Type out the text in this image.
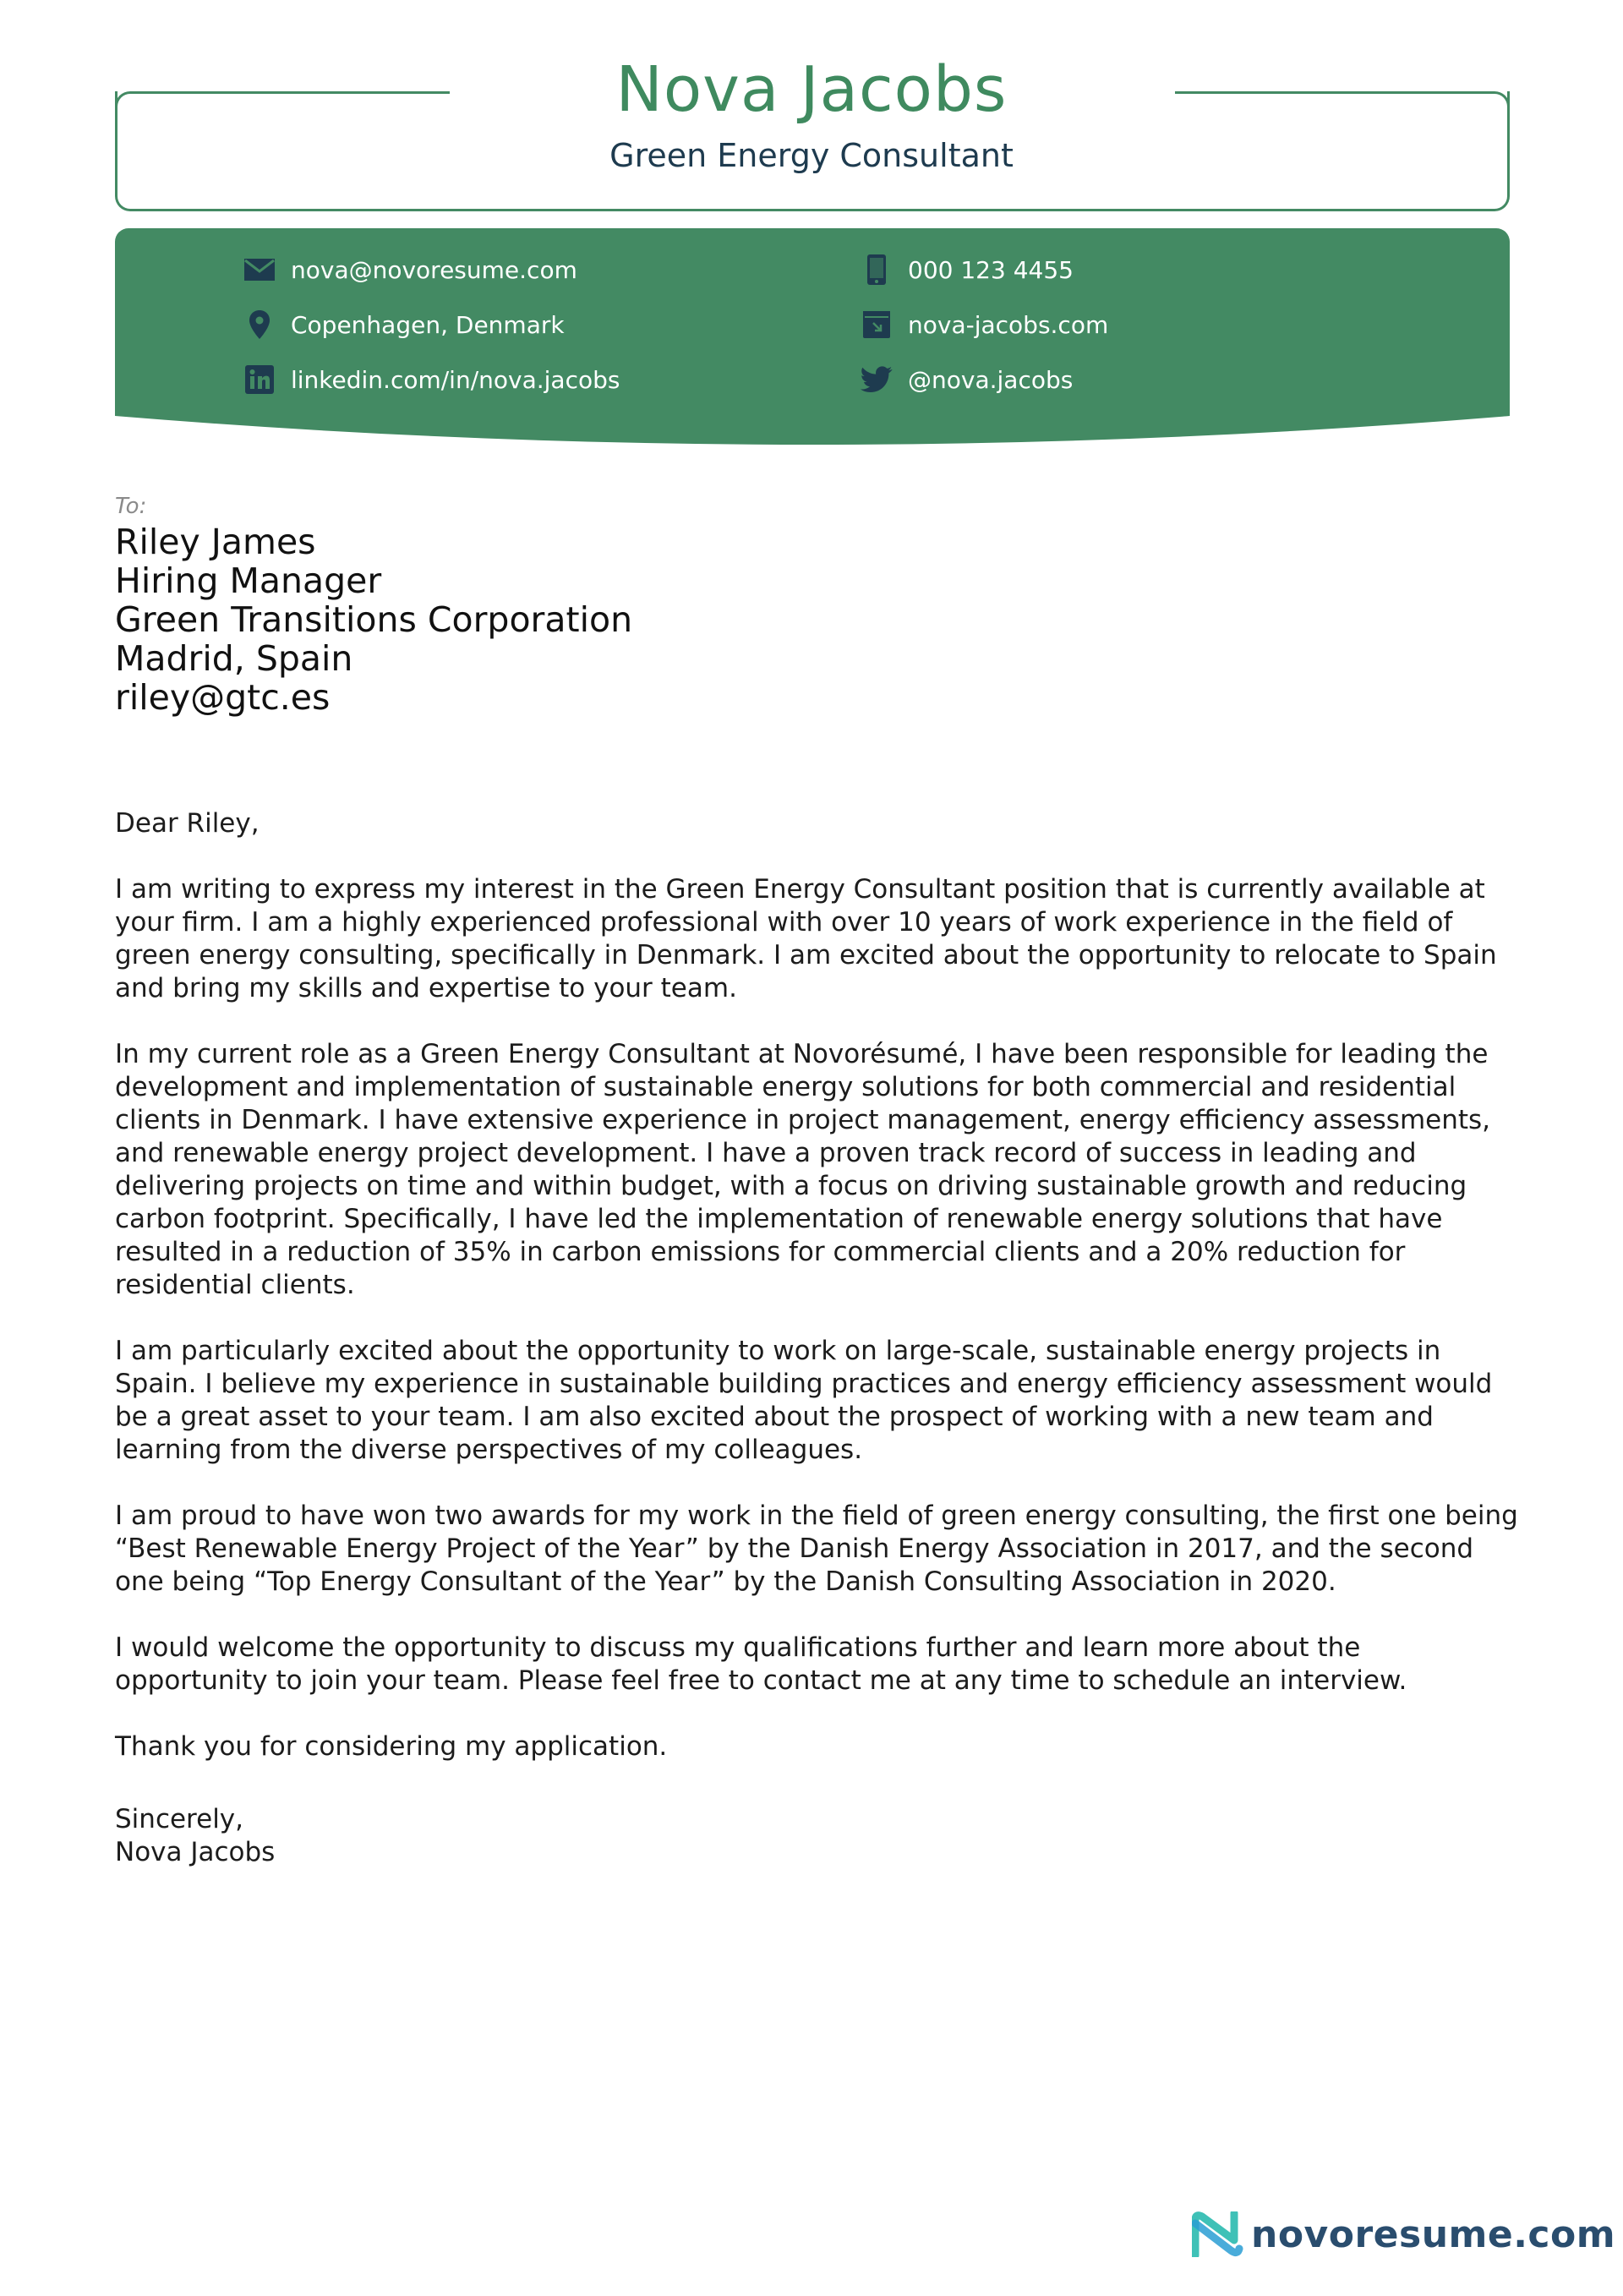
Nova Jacobs
Green Energy Consultant
nova@novoresume.com
Copenhagen, Denmark
linkedin.com/in/nova.jacobs
000 123 4455
nova-jacobs.com
@nova.jacobs
To:
Riley James
Hiring Manager
Green Transitions Corporation
Madrid, Spain
riley@gtc.es

Dear Riley,

I am writing to express my interest in the Green Energy Consultant position that is currently available at your firm. I am a highly experienced professional with over 10 years of work experience in the field of green energy consulting, specifically in Denmark. I am excited about the opportunity to relocate to Spain and bring my skills and expertise to your team.

In my current role as a Green Energy Consultant at Novorésumé, I have been responsible for leading the development and implementation of sustainable energy solutions for both commercial and residential clients in Denmark. I have extensive experience in project management, energy efficiency assessments, and renewable energy project development. I have a proven track record of success in leading and delivering projects on time and within budget, with a focus on driving sustainable growth and reducing carbon footprint. Specifically, I have led the implementation of renewable energy solutions that have resulted in a reduction of 35% in carbon emissions for commercial clients and a 20% reduction for residential clients.

I am particularly excited about the opportunity to work on large-scale, sustainable energy projects in Spain. I believe my experience in sustainable building practices and energy efficiency assessment would be a great asset to your team. I am also excited about the prospect of working with a new team and learning from the diverse perspectives of my colleagues.

I am proud to have won two awards for my work in the field of green energy consulting, the first one being “Best Renewable Energy Project of the Year” by the Danish Energy Association in 2017, and the second one being “Top Energy Consultant of the Year” by the Danish Consulting Association in 2020.

I would welcome the opportunity to discuss my qualifications further and learn more about the opportunity to join your team. Please feel free to contact me at any time to schedule an interview.

Thank you for considering my application.

Sincerely,
Nova Jacobs
novoresume.com
